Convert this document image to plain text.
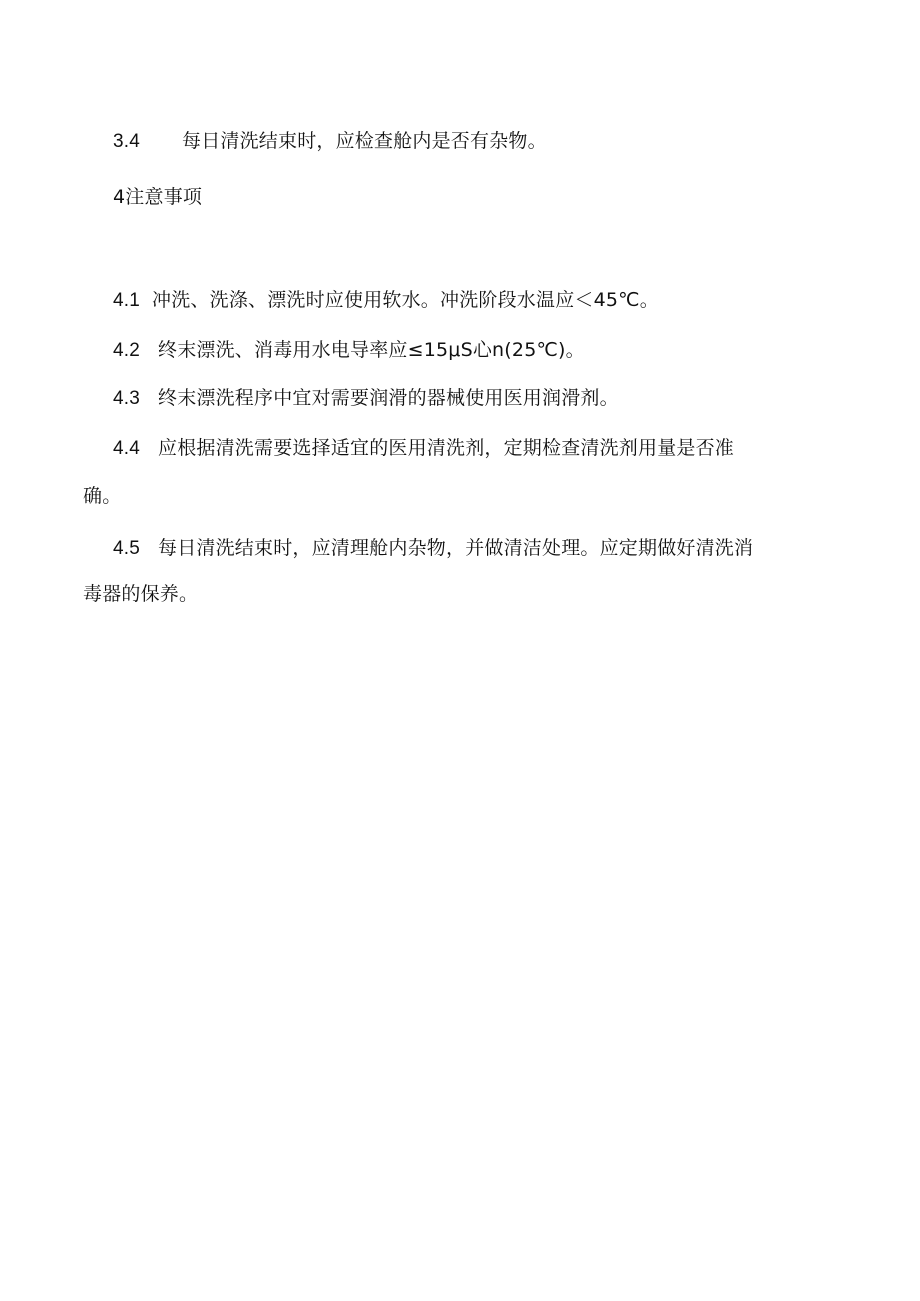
3.4 每日清洗结束时，应检查舱内是否有杂物。
4注意事项
4.1 冲洗、洗涤、漂洗时应使用软水。冲洗阶段水温应＜45℃。
4.2 终末漂洗、消毒用水电导率应≤15μS心n(25℃)。
4.3 终末漂洗程序中宜对需要润滑的器械使用医用润滑剂。
4.4 应根据清洗需要选择适宜的医用清洗剂，定期检查清洗剂用量是否准
确。
4.5 每日清洗结束时，应清理舱内杂物，并做清洁处理。应定期做好清洗消
毒器的保养。
